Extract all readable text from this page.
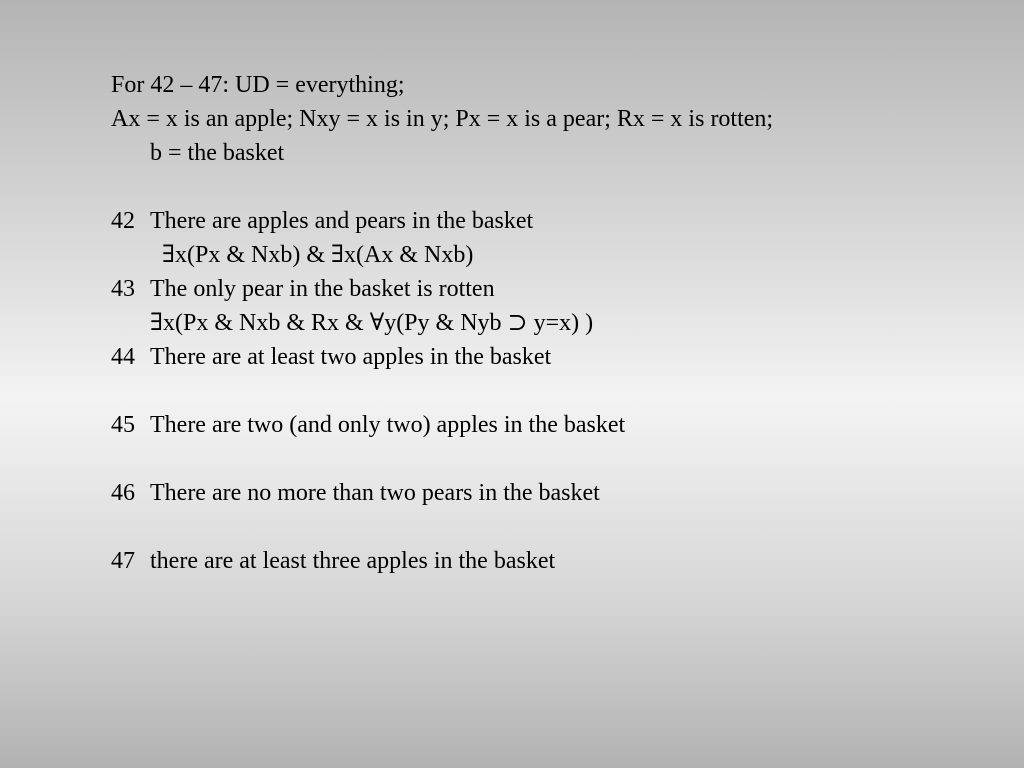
For 42 – 47: UD = everything;
Ax = x is an apple; Nxy = x is in y; Px = x is a pear; Rx = x is rotten;
b = the basket
42 There are apples and pears in the basket
∃x(Px & Nxb) & ∃x(Ax & Nxb)
43 The only pear in the basket is rotten
∃x(Px & Nxb & Rx & ∀y(Py & Nyb ⊃ y=x) )
44 There are at least two apples in the basket
45 There are two (and only two) apples in the basket
46 There are no more than two pears in the basket
47 there are at least three apples in the basket
